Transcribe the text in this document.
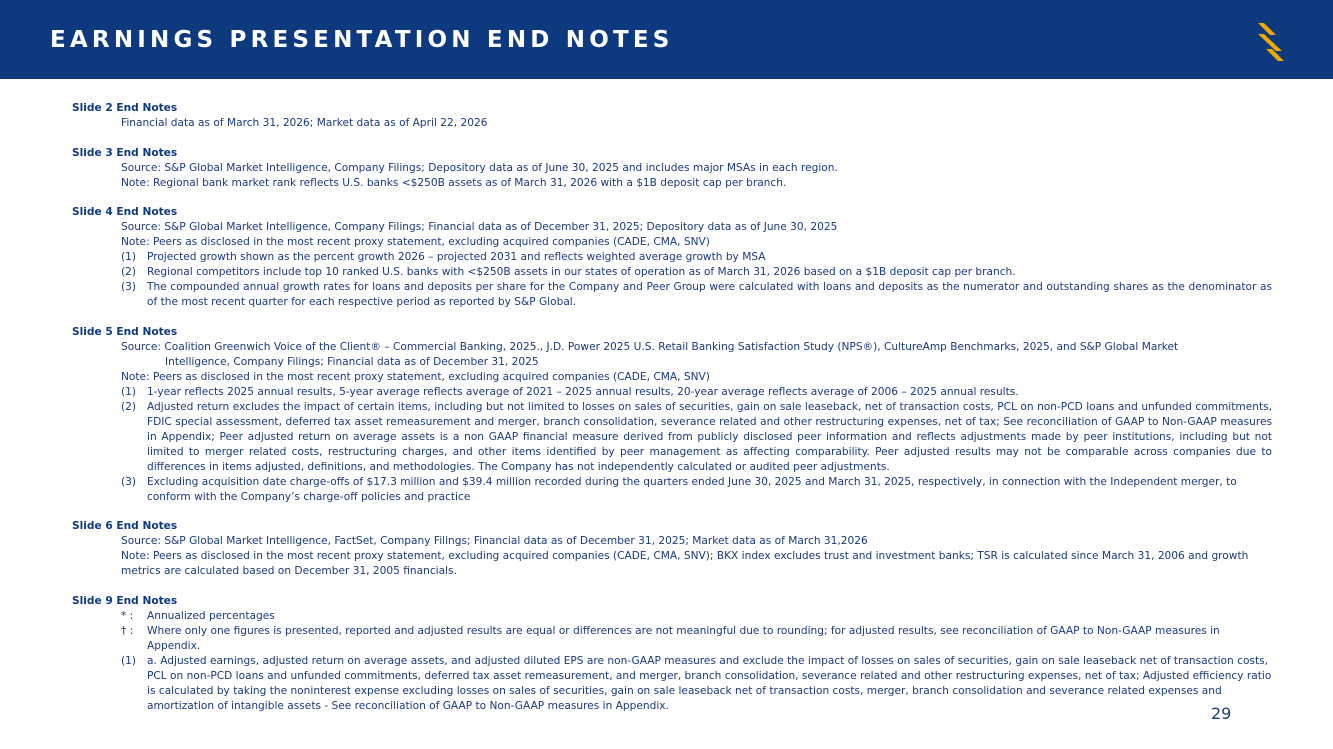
EARNINGS PRESENTATION END NOTES
Slide 2 End Notes
Financial data as of March 31, 2026; Market data as of April 22, 2026
Slide 3 End Notes
Source: S&P Global Market Intelligence, Company Filings; Depository data as of June 30, 2025 and includes major MSAs in each region.
Note: Regional bank market rank reflects U.S. banks <$250B assets as of March 31, 2026 with a $1B deposit cap per branch.
Slide 4 End Notes
Source: S&P Global Market Intelligence, Company Filings; Financial data as of December 31, 2025; Depository data as of June 30, 2025
Note: Peers as disclosed in the most recent proxy statement, excluding acquired companies (CADE, CMA, SNV)
(1) Projected growth shown as the percent growth 2026 – projected 2031 and reflects weighted average growth by MSA
(2) Regional competitors include top 10 ranked U.S. banks with <$250B assets in our states of operation as of March 31, 2026 based on a $1B deposit cap per branch.
(3) The compounded annual growth rates for loans and deposits per share for the Company and Peer Group were calculated with loans and deposits as the numerator and outstanding shares as the denominator as of the most recent quarter for each respective period as reported by S&P Global.
Slide 5 End Notes
Source: Coalition Greenwich Voice of the Client® – Commercial Banking, 2025., J.D. Power 2025 U.S. Retail Banking Satisfaction Study (NPS®), CultureAmp Benchmarks, 2025, and S&P Global Market
Intelligence, Company Filings; Financial data as of December 31, 2025
Note: Peers as disclosed in the most recent proxy statement, excluding acquired companies (CADE, CMA, SNV)
(1) 1-year reflects 2025 annual results, 5-year average reflects average of 2021 – 2025 annual results, 20-year average reflects average of 2006 – 2025 annual results.
(2) Adjusted return excludes the impact of certain items, including but not limited to losses on sales of securities, gain on sale leaseback, net of transaction costs, PCL on non-PCD loans and unfunded commitments, FDIC special assessment, deferred tax asset remeasurement and merger, branch consolidation, severance related and other restructuring expenses, net of tax; See reconciliation of GAAP to Non-GAAP measures in Appendix; Peer adjusted return on average assets is a non GAAP financial measure derived from publicly disclosed peer information and reflects adjustments made by peer institutions, including but not limited to merger related costs, restructuring charges, and other items identified by peer management as affecting comparability. Peer adjusted results may not be comparable across companies due to differences in items adjusted, definitions, and methodologies. The Company has not independently calculated or audited peer adjustments.
(3) Excluding acquisition date charge-offs of $17.3 million and $39.4 million recorded during the quarters ended June 30, 2025 and March 31, 2025, respectively, in connection with the Independent merger, to conform with the Company’s charge-off policies and practice
Slide 6 End Notes
Source: S&P Global Market Intelligence, FactSet, Company Filings; Financial data as of December 31, 2025; Market data as of March 31,2026
Note: Peers as disclosed in the most recent proxy statement, excluding acquired companies (CADE, CMA, SNV); BKX index excludes trust and investment banks; TSR is calculated since March 31, 2006 and growth metrics are calculated based on December 31, 2005 financials.
Slide 9 End Notes
* : Annualized percentages
† : Where only one figures is presented, reported and adjusted results are equal or differences are not meaningful due to rounding; for adjusted results, see reconciliation of GAAP to Non-GAAP measures in Appendix.
(1) a. Adjusted earnings, adjusted return on average assets, and adjusted diluted EPS are non-GAAP measures and exclude the impact of losses on sales of securities, gain on sale leaseback net of transaction costs, PCL on non-PCD loans and unfunded commitments, deferred tax asset remeasurement, and merger, branch consolidation, severance related and other restructuring expenses, net of tax; Adjusted efficiency ratio is calculated by taking the noninterest expense excluding losses on sales of securities, gain on sale leaseback net of transaction costs, merger, branch consolidation and severance related expenses and amortization of intangible assets - See reconciliation of GAAP to Non-GAAP measures in Appendix.	29
